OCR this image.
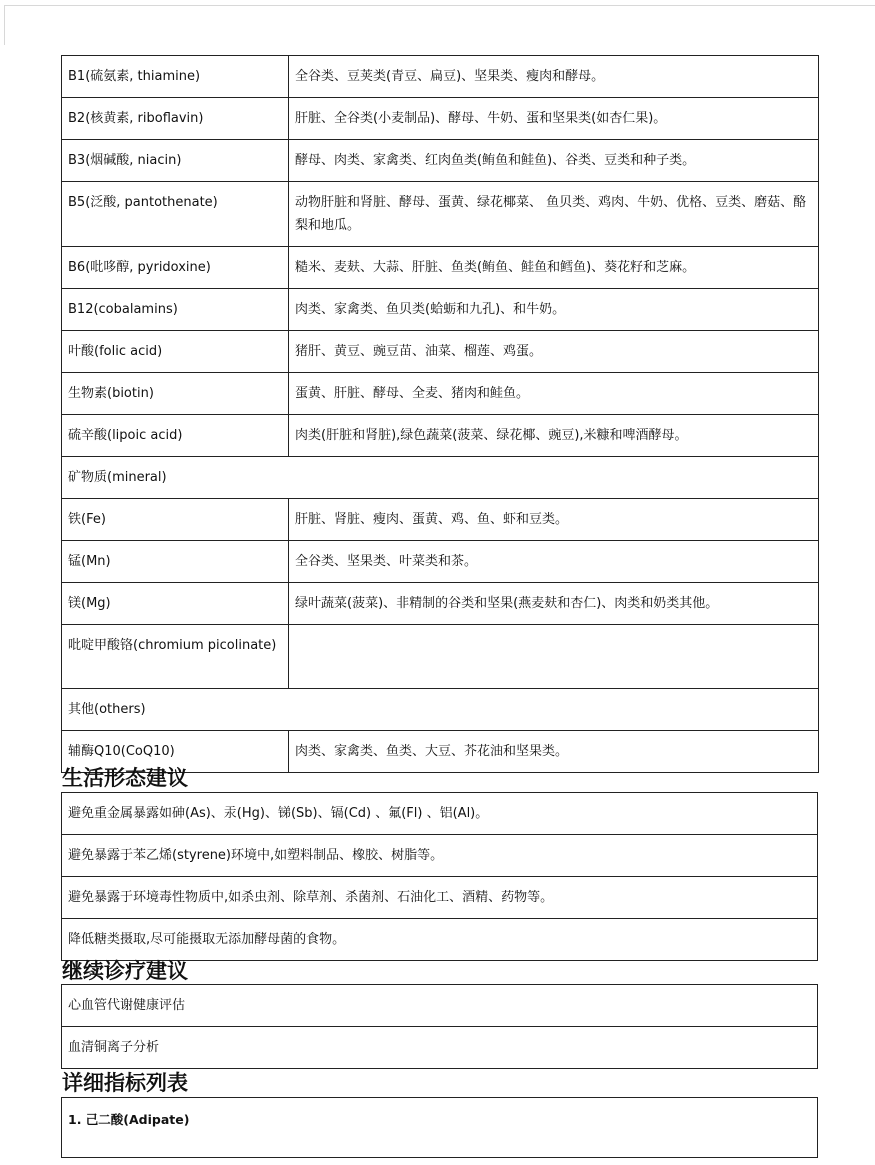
B1(硫氨素, thiamine)	全谷类、豆荚类(青豆、扁豆)、坚果类、瘦肉和酵母。
B2(核黄素, riboflavin)	肝脏、全谷类(小麦制品)、酵母、牛奶、蛋和坚果类(如杏仁果)。
B3(烟碱酸, niacin)	酵母、肉类、家禽类、红肉鱼类(鲔鱼和鲑鱼)、谷类、豆类和种子类。
B5(泛酸, pantothenate)	动物肝脏和肾脏、酵母、蛋黄、绿花椰菜、 鱼贝类、鸡肉、牛奶、优格、豆类、磨菇、酪梨和地瓜。
B6(吡哆醇, pyridoxine)	糙米、麦麸、大蒜、肝脏、鱼类(鲔鱼、鲑鱼和鳕鱼)、葵花籽和芝麻。
B12(cobalamins)	肉类、家禽类、鱼贝类(蛤蛎和九孔)、和牛奶。
叶酸(folic acid)	猪肝、黄豆、豌豆苗、油菜、榴莲、鸡蛋。
生物素(biotin)	蛋黄、肝脏、酵母、全麦、猪肉和鲑鱼。
硫辛酸(lipoic acid)	肉类(肝脏和肾脏),绿色蔬菜(菠菜、绿花椰、豌豆),米糠和啤酒酵母。
矿物质(mineral)	
铁(Fe)	肝脏、肾脏、瘦肉、蛋黄、鸡、鱼、虾和豆类。
锰(Mn)	全谷类、坚果类、叶菜类和茶。
镁(Mg)	绿叶蔬菜(菠菜)、非精制的谷类和坚果(燕麦麸和杏仁)、肉类和奶类其他。
吡啶甲酸铬(chromium picolinate)	
其他(others)	
辅酶Q10(CoQ10)	肉类、家禽类、鱼类、大豆、芥花油和坚果类。
生活形态建议
避免重金属暴露如砷(As)、汞(Hg)、锑(Sb)、镉(Cd) 、氟(Fl) 、铝(Al)。
避免暴露于苯乙烯(styrene)环境中,如塑料制品、橡胶、树脂等。
避免暴露于环境毒性物质中,如杀虫剂、除草剂、杀菌剂、石油化工、酒精、药物等。
降低糖类摄取,尽可能摄取无添加酵母菌的食物。
继续诊疗建议
心血管代谢健康评估
血清铜离子分析
详细指标列表
1. 己二酸(Adipate)
